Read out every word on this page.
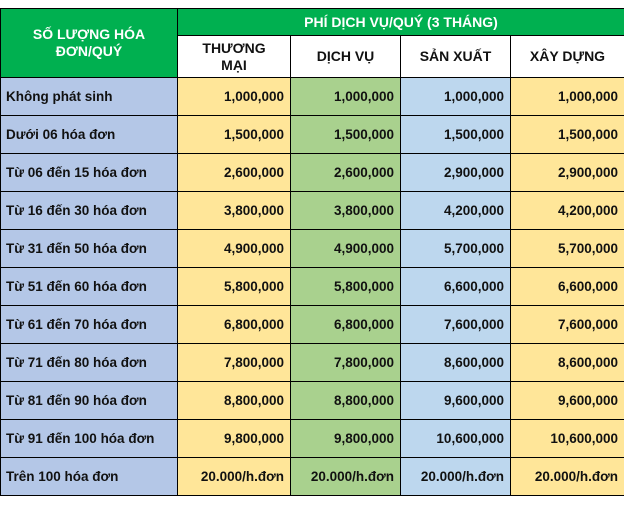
SỐ LƯỢNG HÓA ĐƠN/QUÝ	PHÍ DỊCH VỤ/QUÝ (3 THÁNG)			
	THƯƠNG MẠI	DỊCH VỤ	SẢN XUẤT	XÂY DỰNG
Không phát sinh	1,000,000	1,000,000	1,000,000	1,000,000
Dưới 06 hóa đơn	1,500,000	1,500,000	1,500,000	1,500,000
Từ 06 đến 15 hóa đơn	2,600,000	2,600,000	2,900,000	2,900,000
Từ 16 đến 30 hóa đơn	3,800,000	3,800,000	4,200,000	4,200,000
Từ 31 đến 50 hóa đơn	4,900,000	4,900,000	5,700,000	5,700,000
Từ 51 đến 60 hóa đơn	5,800,000	5,800,000	6,600,000	6,600,000
Từ 61 đến 70 hóa đơn	6,800,000	6,800,000	7,600,000	7,600,000
Từ 71 đến 80 hóa đơn	7,800,000	7,800,000	8,600,000	8,600,000
Từ 81 đến 90 hóa đơn	8,800,000	8,800,000	9,600,000	9,600,000
Từ 91 đến 100 hóa đơn	9,800,000	9,800,000	10,600,000	10,600,000
Trên 100 hóa đơn	20.000/h.đơn	20.000/h.đơn	20.000/h.đơn	20.000/h.đơn
